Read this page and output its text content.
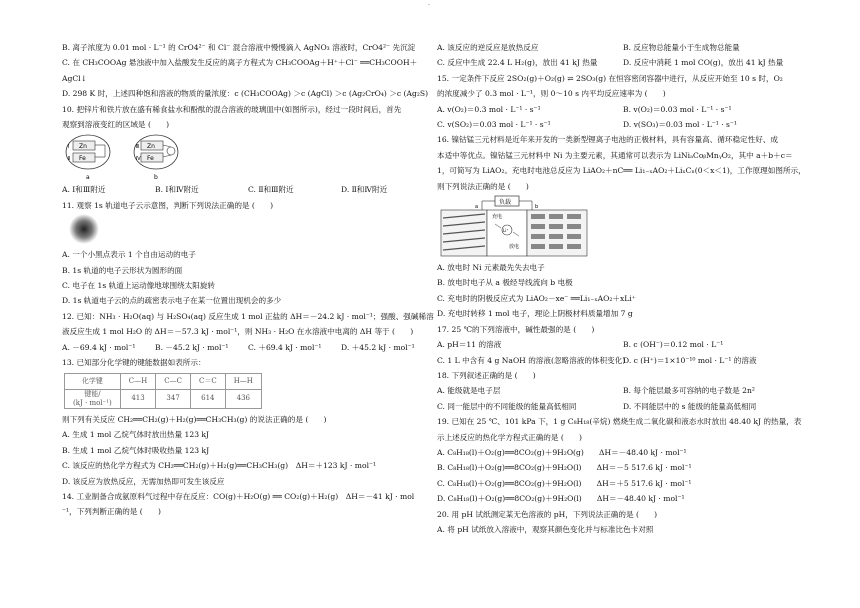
·
B. 离子浓度为 0.01 mol · L⁻¹ 的 CrO4²⁻ 和 Cl⁻ 混合溶液中慢慢滴入 AgNO₃ 溶液时，CrO4²⁻ 先沉淀
C. 在 CH₃COOAg 悬浊液中加入盐酸发生反应的离子方程式为 CH₃COOAg＋H⁺＋Cl⁻ ══CH₃COOH＋
AgCl↓
D. 298 K 时，上述四种饱和溶液的物质的量浓度：c (CH₃COOAg) ＞c (AgCl) ＞c (Ag₂CrO₄) ＞c (Ag₂S)
10. 把锌片和铁片放在盛有稀食盐水和酚酞的混合溶液的玻璃皿中(如图所示)，经过一段时间后，首先
观察到溶液变红的区域是 (　　)
Zn
Fe
Ⅰ
Ⅱ
a
Zn
Fe
Ⅲ
Ⅳ
b
A. Ⅰ和Ⅲ附近	B. Ⅰ和Ⅳ附近	C. Ⅱ和Ⅲ附近	D. Ⅱ和Ⅳ附近
11. 观察 1s 轨道电子云示意图，判断下列说法正确的是 (　　)
A. 一个小黑点表示 1 个自由运动的电子
B. 1s 轨道的电子云形状为圆形的面
C. 电子在 1s 轨道上运动像地球围绕太阳旋转
D. 1s 轨道电子云的点的疏密表示电子在某一位置出现机会的多少
12. 已知：NH₃ · H₂O(aq) 与 H₂SO₄(aq) 反应生成 1 mol 正盐的 ΔH＝－24.2 kJ · mol⁻¹；强酸、强碱稀溶
液反应生成 1 mol H₂O 的 ΔH＝－57.3 kJ · mol⁻¹，则 NH₃ · H₂O 在水溶液中电离的 ΔH 等于 (　　)
A. －69.4 kJ · mol⁻¹	B. －45.2 kJ · mol⁻¹	C. ＋69.4 kJ · mol⁻¹	D. ＋45.2 kJ · mol⁻¹
13. 已知部分化学键的键能数据如表所示：
化学键	C—H	C—C	C＝C	H—H
键能/
(kJ · mol⁻¹)	413	347	614	436
则下列有关反应 CH₂══CH₂(g)＋H₂(g)══CH₃CH₃(g) 的说法正确的是 (　　)
A. 生成 1 mol 乙烷气体时放出热量 123 kJ
B. 生成 1 mol 乙烷气体时吸收热量 123 kJ
C. 该反应的热化学方程式为 CH₂══CH₂(g)＋H₂(g)══CH₃CH₃(g)　ΔH＝＋123 kJ · mol⁻¹
D. 该反应为放热反应，无需加热即可发生该反应
14. 工业制备合成氨原料气过程中存在反应：CO(g)＋H₂O(g) ══ CO₂(g)＋H₂(g)　ΔH＝－41 kJ · mol
⁻¹，下列判断正确的是 (　　)
A. 该反应的逆反应是放热反应	B. 反应物总能量小于生成物总能量
C. 反应中生成 22.4 L H₂(g)，放出 41 kJ 热量	D. 反应中消耗 1 mol CO(g)，放出 41 kJ 热量
15. 一定条件下反应 2SO₂(g)＋O₂(g) ⇌ 2SO₃(g) 在恒容密闭容器中进行，从反应开始至 10 s 时，O₂
的浓度减少了 0.3 mol · L⁻¹，则 0～10 s 内平均反应速率为 (　　)
A. v(O₂)＝0.3 mol · L⁻¹ · s⁻¹	B. v(O₂)＝0.03 mol · L⁻¹ · s⁻¹
C. v(SO₂)＝0.03 mol · L⁻¹ · s⁻¹	D. v(SO₃)＝0.03 mol · L⁻¹ · s⁻¹
16. 镍钴锰三元材料是近年来开发的一类新型锂离子电池的正极材料，具有容量高、循环稳定性好、成
本适中等优点。镍钴锰三元材料中 Ni 为主要元素，其通常可以表示为 LiNiₐCoᵦMnᵧO₂，其中 a＋b＋c＝
1，可简写为 LiAO₂。充电时电池总反应为 LiAO₂＋nC══ Li₁₋ₓAO₂＋LiₓCₙ(0＜x＜1)，工作原理如图所示，
则下列说法正确的是 (　　)
负载
a	b
充电
放电
Li⁺
A. 放电时 Ni 元素最先失去电子
B. 放电时电子从 a 极经导线流向 b 电极
C. 充电时的阴极反应式为 LiAO₂－xe⁻ ══Li₁₋ₓAO₂＋xLi⁺
D. 充电时转移 1 mol 电子，理论上阴极材料质量增加 7 g
17. 25 ℃的下列溶液中，碱性最强的是 (　　)
A. pH＝11 的溶液	B. c (OH⁻)＝0.12 mol · L⁻¹
C. 1 L 中含有 4 g NaOH 的溶液(忽略溶液的体积变化)
D. c (H⁺)＝1×10⁻¹⁰ mol · L⁻¹ 的溶液
18. 下列叙述正确的是 (　　)
A. 能级就是电子层	B. 每个能层最多可容纳的电子数是 2n²
C. 同一能层中的不同能级的能量高低相同	D. 不同能层中的 s 能级的能量高低相同
19. 已知在 25 ℃、101 kPa 下，1 g C₈H₁₈(辛烷) 燃烧生成二氧化碳和液态水时放出 48.40 kJ 的热量，表
示上述反应的热化学方程式正确的是 (　　)
A. C₈H₁₈(l)＋O₂(g)══8CO₂(g)＋9H₂O(g)　　ΔH＝－48.40 kJ · mol⁻¹
B. C₈H₁₈(l)＋O₂(g)══8CO₂(g)＋9H₂O(l)　　ΔH＝－5 517.6 kJ · mol⁻¹
C. C₈H₁₈(l)＋O₂(g)══8CO₂(g)＋9H₂O(l)　　ΔH＝＋5 517.6 kJ · mol⁻¹
D. C₈H₁₈(l)＋O₂(g)══8CO₂(g)＋9H₂O(l)　　ΔH＝－48.40 kJ · mol⁻¹
20. 用 pH 试纸测定某无色溶液的 pH，下列说法正确的是 (　　)
A. 将 pH 试纸放入溶液中，观察其颜色变化并与标准比色卡对照
